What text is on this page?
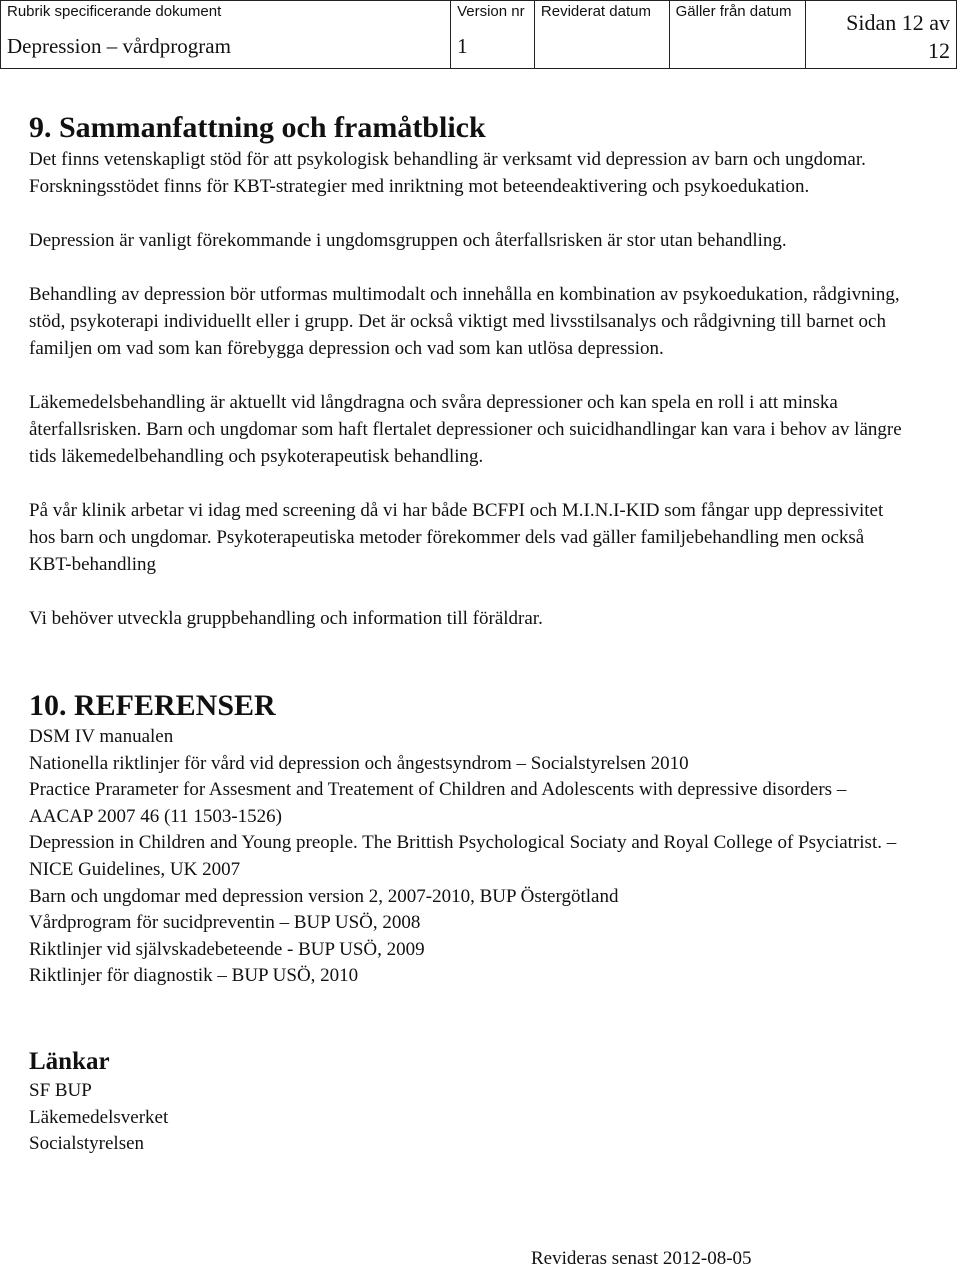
Rubrik specificerande dokument
Depression – vårdprogram
Version nr
1
Reviderat datum Gäller från datum	Sidan 12 av 12
9. Sammanfattning och framåtblick

Det finns vetenskapligt stöd för att psykologisk behandling är verksamt vid depression av barn och ungdomar. Forskningsstödet finns för KBT-strategier med inriktning mot beteendeaktivering och psykoedukation.

Depression är vanligt förekommande i ungdomsgruppen och återfallsrisken är stor utan behandling.

Behandling av depression bör utformas multimodalt och innehålla en kombination av psykoedukation, rådgivning, stöd, psykoterapi individuellt eller i grupp. Det är också viktigt med livsstilsanalys och rådgivning till barnet och familjen om vad som kan förebygga depression och vad som kan utlösa depression.

Läkemedelsbehandling är aktuellt vid långdragna och svåra depressioner och kan spela en roll i att minska återfallsrisken. Barn och ungdomar som haft flertalet depressioner och suicidhandlingar kan vara i behov av längre tids läkemedelbehandling och psykoterapeutisk behandling.

På vår klinik arbetar vi idag med screening då vi har både BCFPI och M.I.N.I-KID som fångar upp depressivitet hos barn och ungdomar. Psykoterapeutiska metoder förekommer dels vad gäller familjebehandling men också KBT-behandling

Vi behöver utveckla gruppbehandling och information till föräldrar.

10. REFERENSER
DSM IV manualen
Nationella riktlinjer för vård vid depression och ångestsyndrom – Socialstyrelsen 2010
Practice Prarameter for Assesment and Treatement of Children and Adolescents with depressive disorders – AACAP 2007 46 (11 1503-1526)
Depression in Children and Young preople. The Brittish Psychological Sociaty and Royal College of Psyciatrist. – NICE Guidelines, UK 2007
Barn och ungdomar med depression version 2, 2007-2010, BUP Östergötland
Vårdprogram för sucidpreventin – BUP USÖ, 2008
Riktlinjer vid självskadebeteende - BUP USÖ, 2009
Riktlinjer för diagnostik – BUP USÖ, 2010
Länkar
SF BUP
Läkemedelsverket
Socialstyrelsen
Revideras senast 2012-08-05
